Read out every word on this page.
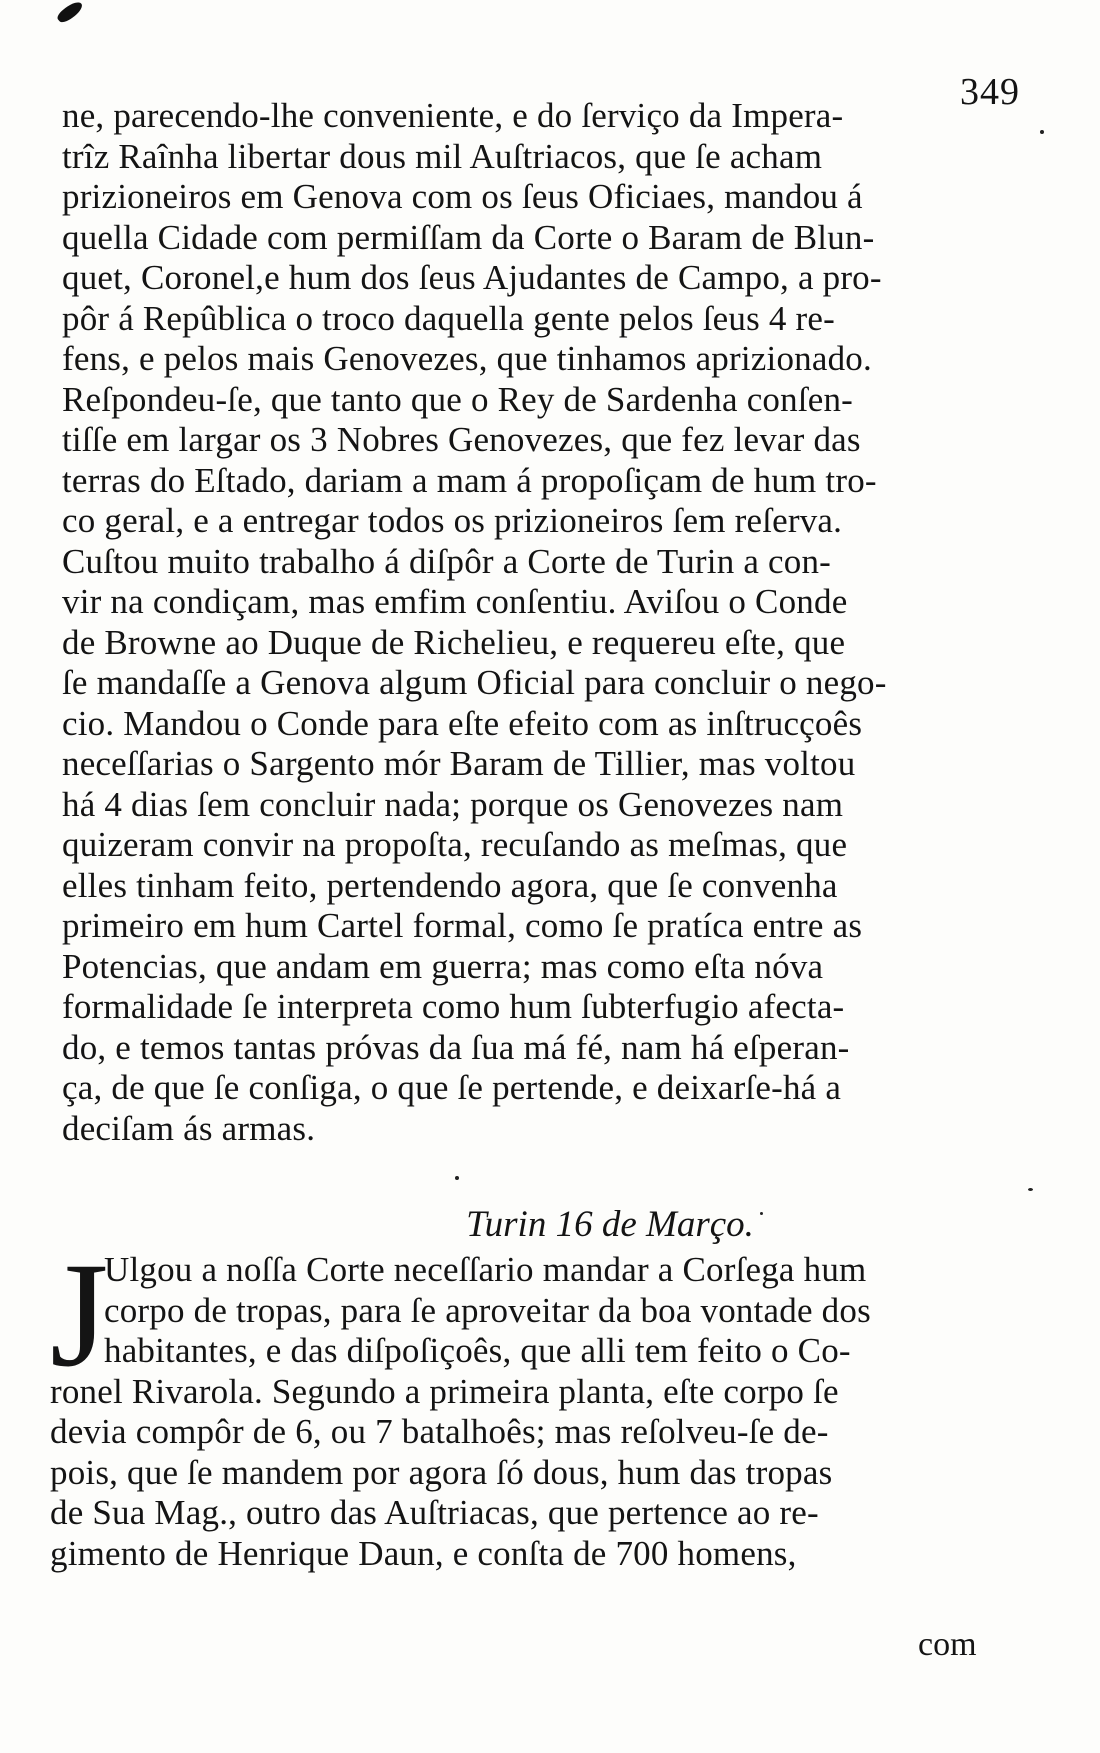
349
ne, parecendo-lhe conveniente, e do ſerviço da Impera-
trîz Raînha libertar dous mil Auſtriacos, que ſe acham
prizioneiros em Genova com os ſeus Oficiaes, mandou á
quella Cidade com permiſſam da Corte o Baram de Blun-
quet, Coronel,e hum dos ſeus Ajudantes de Campo, a pro-
pôr á Repûblica o troco daquella gente pelos ſeus 4 re-
fens, e pelos mais Genovezes, que tinhamos aprizionado.
Reſpondeu-ſe, que tanto que o Rey de Sardenha conſen-
tiſſe em largar os 3 Nobres Genovezes, que fez levar das
terras do Eſtado, dariam a mam á propoſiçam de hum tro-
co geral, e a entregar todos os prizioneiros ſem reſerva.
Cuſtou muito trabalho á diſpôr a Corte de Turin a con-
vir na condiçam, mas emfim conſentiu. Aviſou o Conde
de Browne ao Duque de Richelieu, e requereu eſte, que
ſe mandaſſe a Genova algum Oficial para concluir o nego-
cio. Mandou o Conde para eſte efeito com as inſtrucçoês
neceſſarias o Sargento mór Baram de Tillier, mas voltou
há 4 dias ſem concluir nada; porque os Genovezes nam
quizeram convir na propoſta, recuſando as meſmas, que
elles tinham feito, pertendendo agora, que ſe convenha
primeiro em hum Cartel formal, como ſe pratíca entre as
Potencias, que andam em guerra; mas como eſta nóva
formalidade ſe interpreta como hum ſubterfugio afecta-
do, e temos tantas próvas da ſua má fé, nam há eſperan-
ça, de que ſe conſiga, o que ſe pertende, e deixarſe-há a
deciſam ás armas.
Turin 16 de Março.
J
Ulgou a noſſa Corte neceſſario mandar a Corſega hum
corpo de tropas, para ſe aproveitar da boa vontade dos
habitantes, e das diſpoſiçoês, que alli tem feito o Co-
ronel Rivarola. Segundo a primeira planta, eſte corpo ſe
devia compôr de 6, ou 7 batalhoês; mas reſolveu-ſe de-
pois, que ſe mandem por agora ſó dous, hum das tropas
de Sua Mag., outro das Auſtriacas, que pertence ao re-
gimento de Henrique Daun, e conſta de 700 homens,
com
